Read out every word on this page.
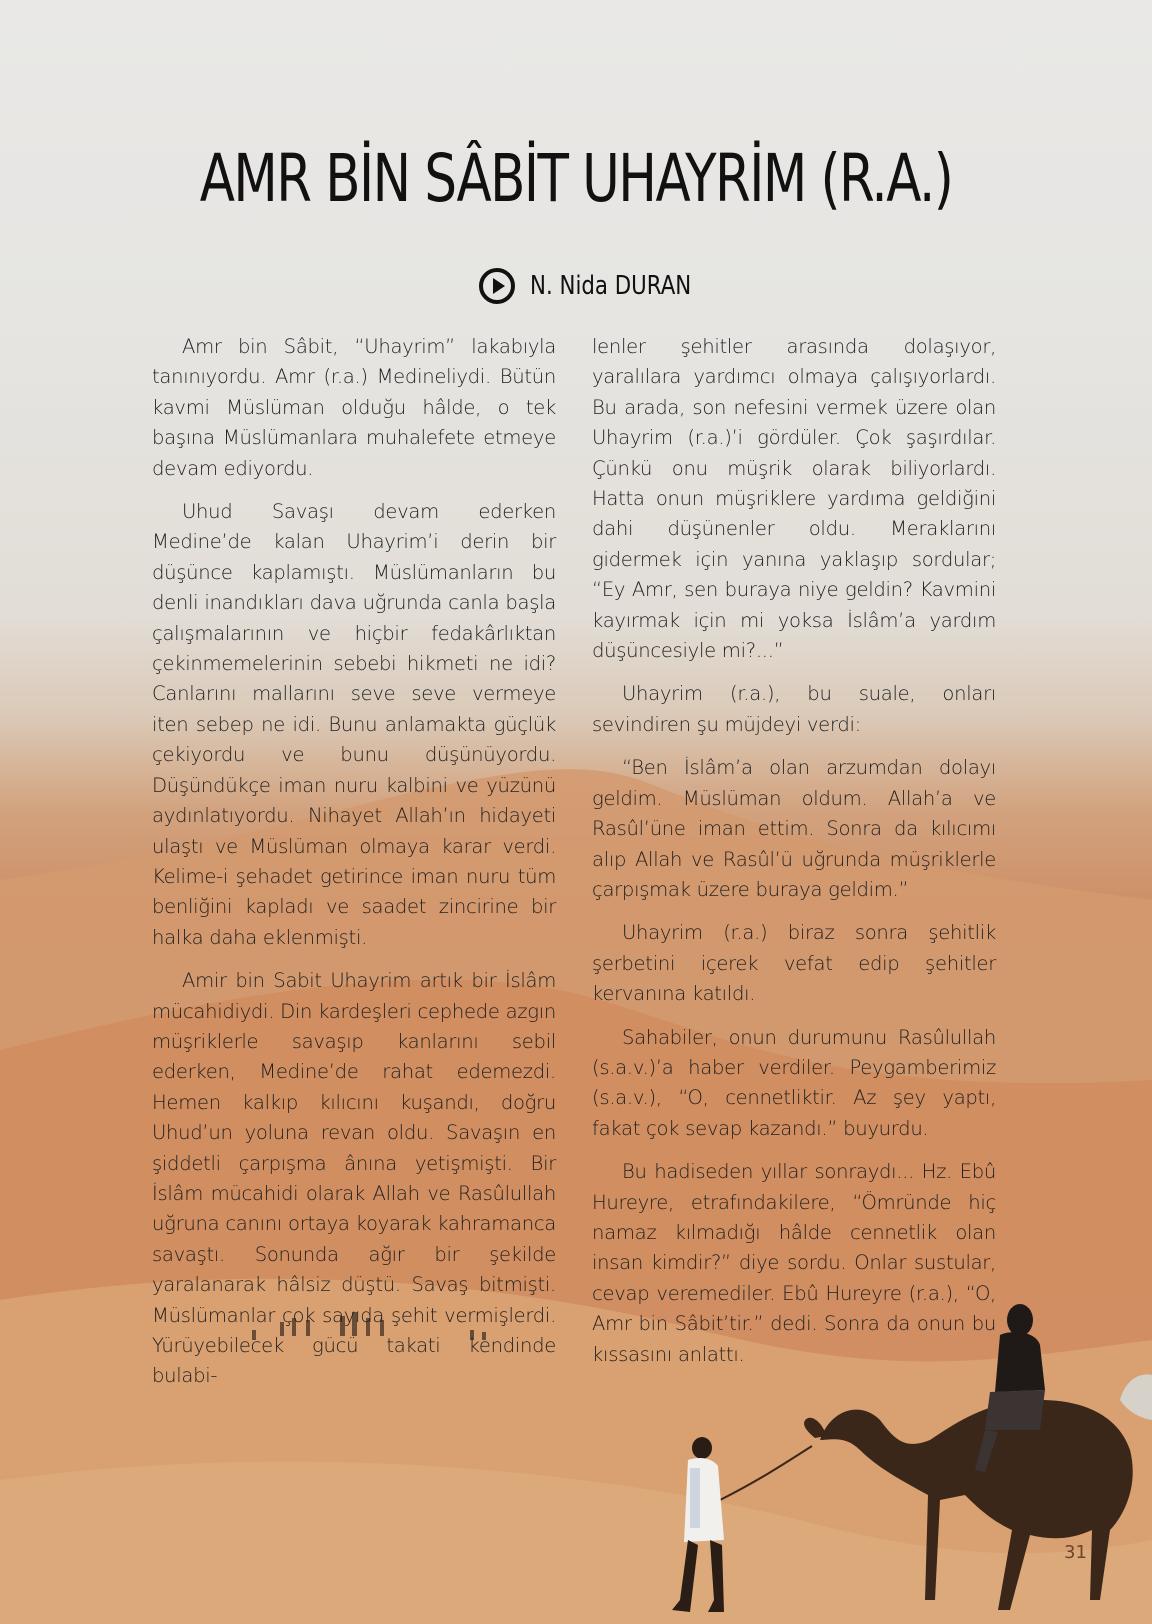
AMR BİN SÂBİT UHAYRİM (R.A.)
N. Nida DURAN

Amr bin Sâbit, “Uhayrim” lakabıyla tanınıyordu. Amr (r.a.) Medineliydi. Bütün kavmi Müslüman olduğu hâlde, o tek başına Müslümanlara muhalefete etmeye devam ediyordu.

Uhud Savaşı devam ederken Medine’de kalan Uhayrim’i derin bir düşünce kaplamıştı. Müslümanların bu denli inandıkları dava uğrunda canla başla çalışmalarının ve hiçbir fedakârlıktan çekinmemelerinin sebebi hikmeti ne idi? Canlarını mallarını seve seve vermeye iten sebep ne idi. Bunu anlamakta güçlük çekiyordu ve bunu düşünüyordu. Düşündükçe iman nuru kalbini ve yüzünü aydınlatıyordu. Nihayet Allah’ın hidayeti ulaştı ve Müslüman olmaya karar verdi. Kelime-i şehadet getirince iman nuru tüm benliğini kapladı ve saadet zincirine bir halka daha eklenmişti.

Amir bin Sabit Uhayrim artık bir İslâm mücahidiydi. Din kardeşleri cephede azgın müşriklerle savaşıp kanlarını sebil ederken, Medine’de rahat edemezdi. Hemen kalkıp kılıcını kuşandı, doğru Uhud’un yoluna revan oldu. Savaşın en şiddetli çarpışma ânına yetişmişti. Bir İslâm mücahidi olarak Allah ve Rasûlullah uğruna canını ortaya koyarak kahramanca savaştı. Sonunda ağır bir şekilde yaralanarak hâlsiz düştü. Savaş bitmişti. Müslümanlar çok sayıda şehit vermişlerdi. Yürüyebilecek gücü takati kendinde bulabi-

lenler şehitler arasında dolaşıyor, yaralılara yardımcı olmaya çalışıyorlardı. Bu arada, son nefesini vermek üzere olan Uhayrim (r.a.)’i gördüler. Çok şaşırdılar. Çünkü onu müşrik olarak biliyorlardı. Hatta onun müşriklere yardıma geldiğini dahi düşünenler oldu. Meraklarını gidermek için yanına yaklaşıp sordular; “Ey Amr, sen buraya niye geldin? Kavmini kayırmak için mi yoksa İslâm’a yardım düşüncesiyle mi?...”

Uhayrim (r.a.), bu suale, onları sevindiren şu müjdeyi verdi:

“Ben İslâm’a olan arzumdan dolayı geldim. Müslüman oldum. Allah’a ve Rasûl’üne iman ettim. Sonra da kılıcımı alıp Allah ve Rasûl’ü uğrunda müşriklerle çarpışmak üzere buraya geldim.”

Uhayrim (r.a.) biraz sonra şehitlik şerbetini içerek vefat edip şehitler kervanına katıldı.

Sahabiler, onun durumunu Rasûlullah (s.a.v.)’a haber verdiler. Peygamberimiz (s.a.v.), “O, cennetliktir. Az şey yaptı, fakat çok sevap kazandı.” buyurdu.

Bu hadiseden yıllar sonraydı... Hz. Ebû Hureyre, etrafındakilere, “Ömründe hiç namaz kılmadığı hâlde cennetlik olan insan kimdir?” diye sordu. Onlar sustular, cevap veremediler. Ebû Hureyre (r.a.), “O, Amr bin Sâbit’tir.” dedi. Sonra da onun bu kıssasını anlattı.

31
